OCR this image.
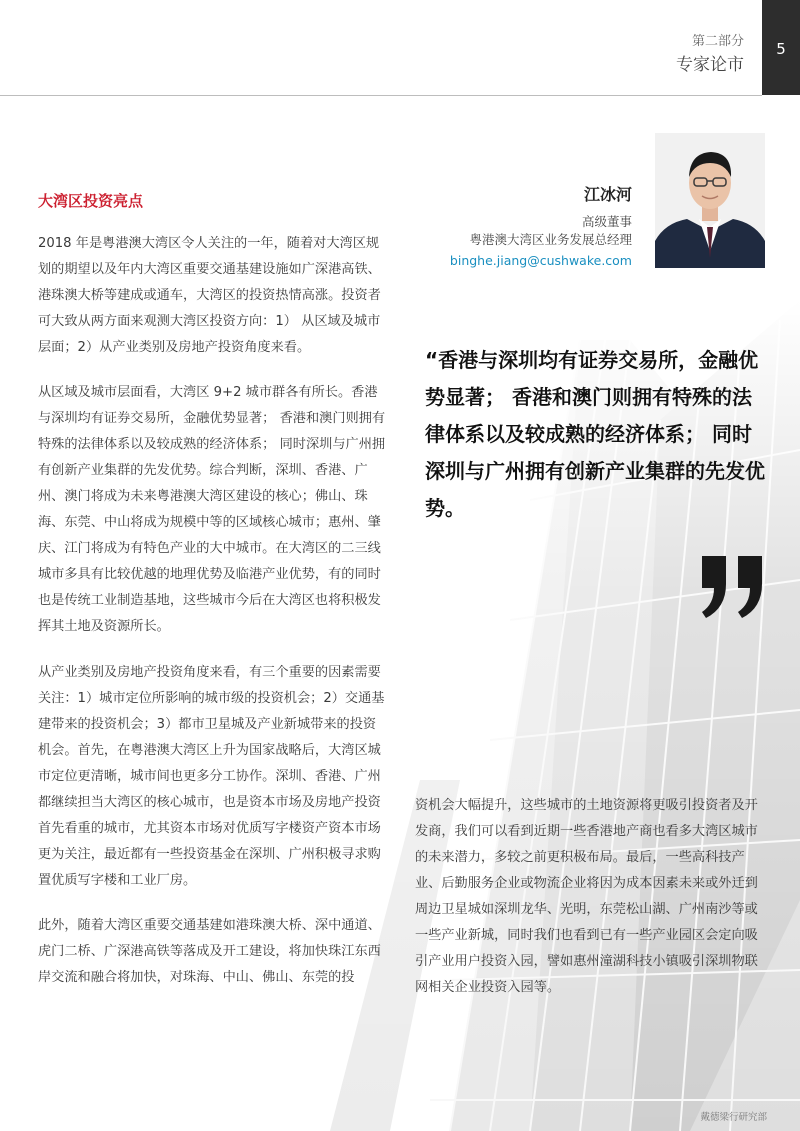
第二部分
专家论市
5
大湾区投资亮点

2018 年是粤港澳大湾区令人关注的一年，随着对大湾区规划的期望以及年内大湾区重要交通基建设施如广深港高铁、港珠澳大桥等建成或通车，大湾区的投资热情高涨。投资者可大致从两方面来观测大湾区投资方向：1） 从区域及城市层面；2）从产业类别及房地产投资角度来看。

从区域及城市层面看，大湾区 9+2 城市群各有所长。香港与深圳均有证券交易所，金融优势显著； 香港和澳门则拥有特殊的法律体系以及较成熟的经济体系； 同时深圳与广州拥有创新产业集群的先发优势。综合判断，深圳、香港、广州、澳门将成为未来粤港澳大湾区建设的核心；佛山、珠海、东莞、中山将成为规模中等的区域核心城市；惠州、肇庆、江门将成为有特色产业的大中城市。在大湾区的二三线城市多具有比较优越的地理优势及临港产业优势，有的同时也是传统工业制造基地，这些城市今后在大湾区也将积极发挥其土地及资源所长。

从产业类别及房地产投资角度来看，有三个重要的因素需要关注：1）城市定位所影响的城市级的投资机会；2）交通基建带来的投资机会；3）都市卫星城及产业新城带来的投资机会。首先，在粤港澳大湾区上升为国家战略后，大湾区城市定位更清晰，城市间也更多分工协作。深圳、香港、广州都继续担当大湾区的核心城市，也是资本市场及房地产投资首先看重的城市，尤其资本市场对优质写字楼资产资本市场更为关注，最近都有一些投资基金在深圳、广州积极寻求购置优质写字楼和工业厂房。

此外，随着大湾区重要交通基建如港珠澳大桥、深中通道、虎门二桥、广深港高铁等落成及开工建设，将加快珠江东西岸交流和融合将加快，对珠海、中山、佛山、东莞的投

资机会大幅提升，这些城市的土地资源将更吸引投资者及开发商，我们可以看到近期一些香港地产商也看多大湾区城市的未来潜力，多较之前更积极布局。最后，一些高科技产业、后勤服务企业或物流企业将因为成本因素未来或外迁到周边卫星城如深圳龙华、光明，东莞松山湖、广州南沙等或一些产业新城，同时我们也看到已有一些产业园区会定向吸引产业用户投资入园，譬如惠州潼湖科技小镇吸引深圳物联网相关企业投资入园等。

江冰河
高级董事
粤港澳大湾区业务发展总经理
binghe.jiang@cushwake.com

“香港与深圳均有证券交易所，金融优势显著； 香港和澳门则拥有特殊的法律体系以及较成熟的经济体系； 同时深圳与广州拥有创新产业集群的先发优势。

戴德梁行研究部
